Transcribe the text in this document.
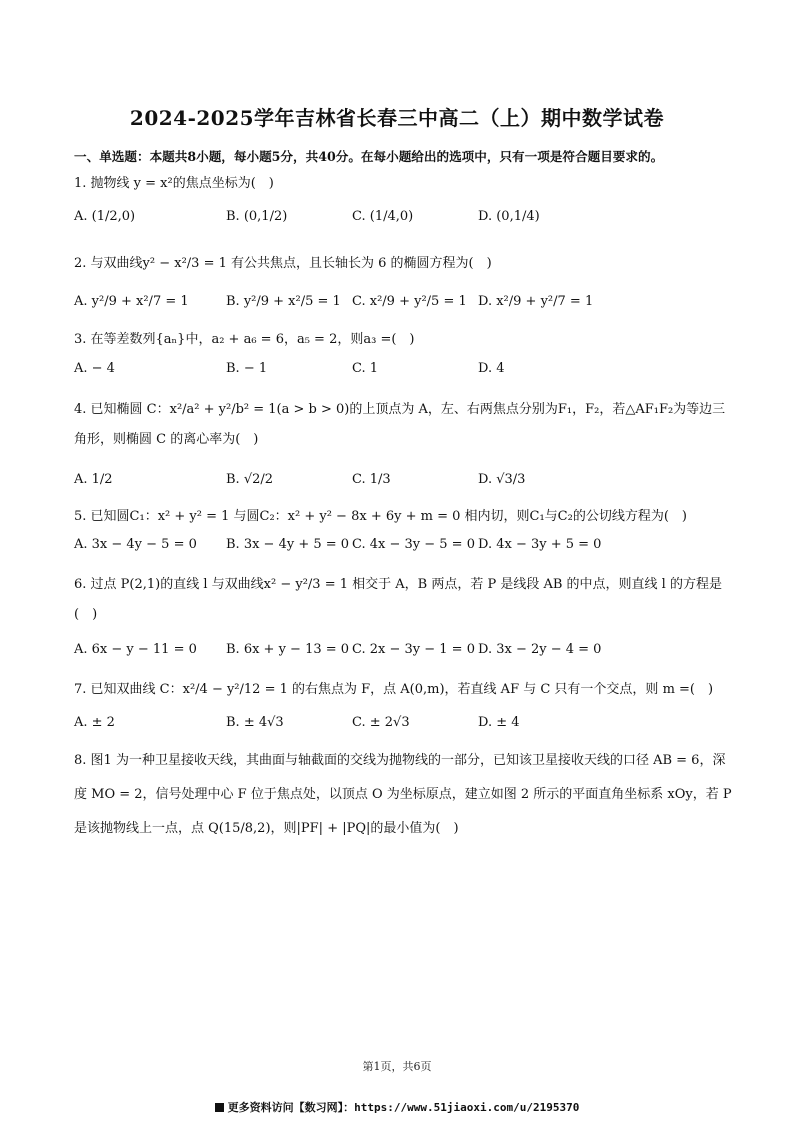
2024-2025学年吉林省长春三中高二（上）期中数学试卷
一、单选题：本题共8小题，每小题5分，共40分。在每小题给出的选项中，只有一项是符合题目要求的。
1. 抛物线 y = x²的焦点坐标为(　)
A. (1/2,0)	B. (0,1/2)	C. (1/4,0)	D. (0,1/4)
2. 与双曲线y² − x²/3 = 1 有公共焦点，且长轴长为 6 的椭圆方程为(　)
A. y²/9 + x²/7 = 1	B. y²/9 + x²/5 = 1 C. x²/9 + y²/5 = 1 D. x²/9 + y²/7 = 1
3. 在等差数列{aₙ}中，a₂ + a₆ = 6，a₅ = 2，则a₃ =(　)
A. − 4	B. − 1	C. 1	D. 4
4. 已知椭圆 C：x²/a² + y²/b² = 1(a > b > 0)的上顶点为 A，左、右两焦点分别为F₁，F₂，若△AF₁F₂为等边三角形，则椭圆 C 的离心率为(　)
A. 1/2	B. √2/2	C. 1/3	D. √3/3
5. 已知圆C₁：x² + y² = 1 与圆C₂：x² + y² − 8x + 6y + m = 0 相内切，则C₁与C₂的公切线方程为(　)
A. 3x − 4y − 5 = 0 B. 3x − 4y + 5 = 0 C. 4x − 3y − 5 = 0 D. 4x − 3y + 5 = 0
6. 过点 P(2,1)的直线 l 与双曲线x² − y²/3 = 1 相交于 A，B 两点，若 P 是线段 AB 的中点，则直线 l 的方程是(　)
A. 6x − y − 11 = 0 B. 6x + y − 13 = 0 C. 2x − 3y − 1 = 0 D. 3x − 2y − 4 = 0
7. 已知双曲线 C：x²/4 − y²/12 = 1 的右焦点为 F，点 A(0,m)，若直线 AF 与 C 只有一个交点，则 m =(　)
A. ± 2	B. ± 4√3	C. ± 2√3	D. ± 4
8. 图1 为一种卫星接收天线，其曲面与轴截面的交线为抛物线的一部分，已知该卫星接收天线的口径 AB = 6，深度 MO = 2，信号处理中心 F 位于焦点处，以顶点 O 为坐标原点，建立如图 2 所示的平面直角坐标系 xOy，若 P 是该抛物线上一点，点 Q(15/8,2)，则|PF| + |PQ|的最小值为(　)
第1页，共6页
更多资料访问【数习网】：https://www.51jiaoxi.com/u/2195370
